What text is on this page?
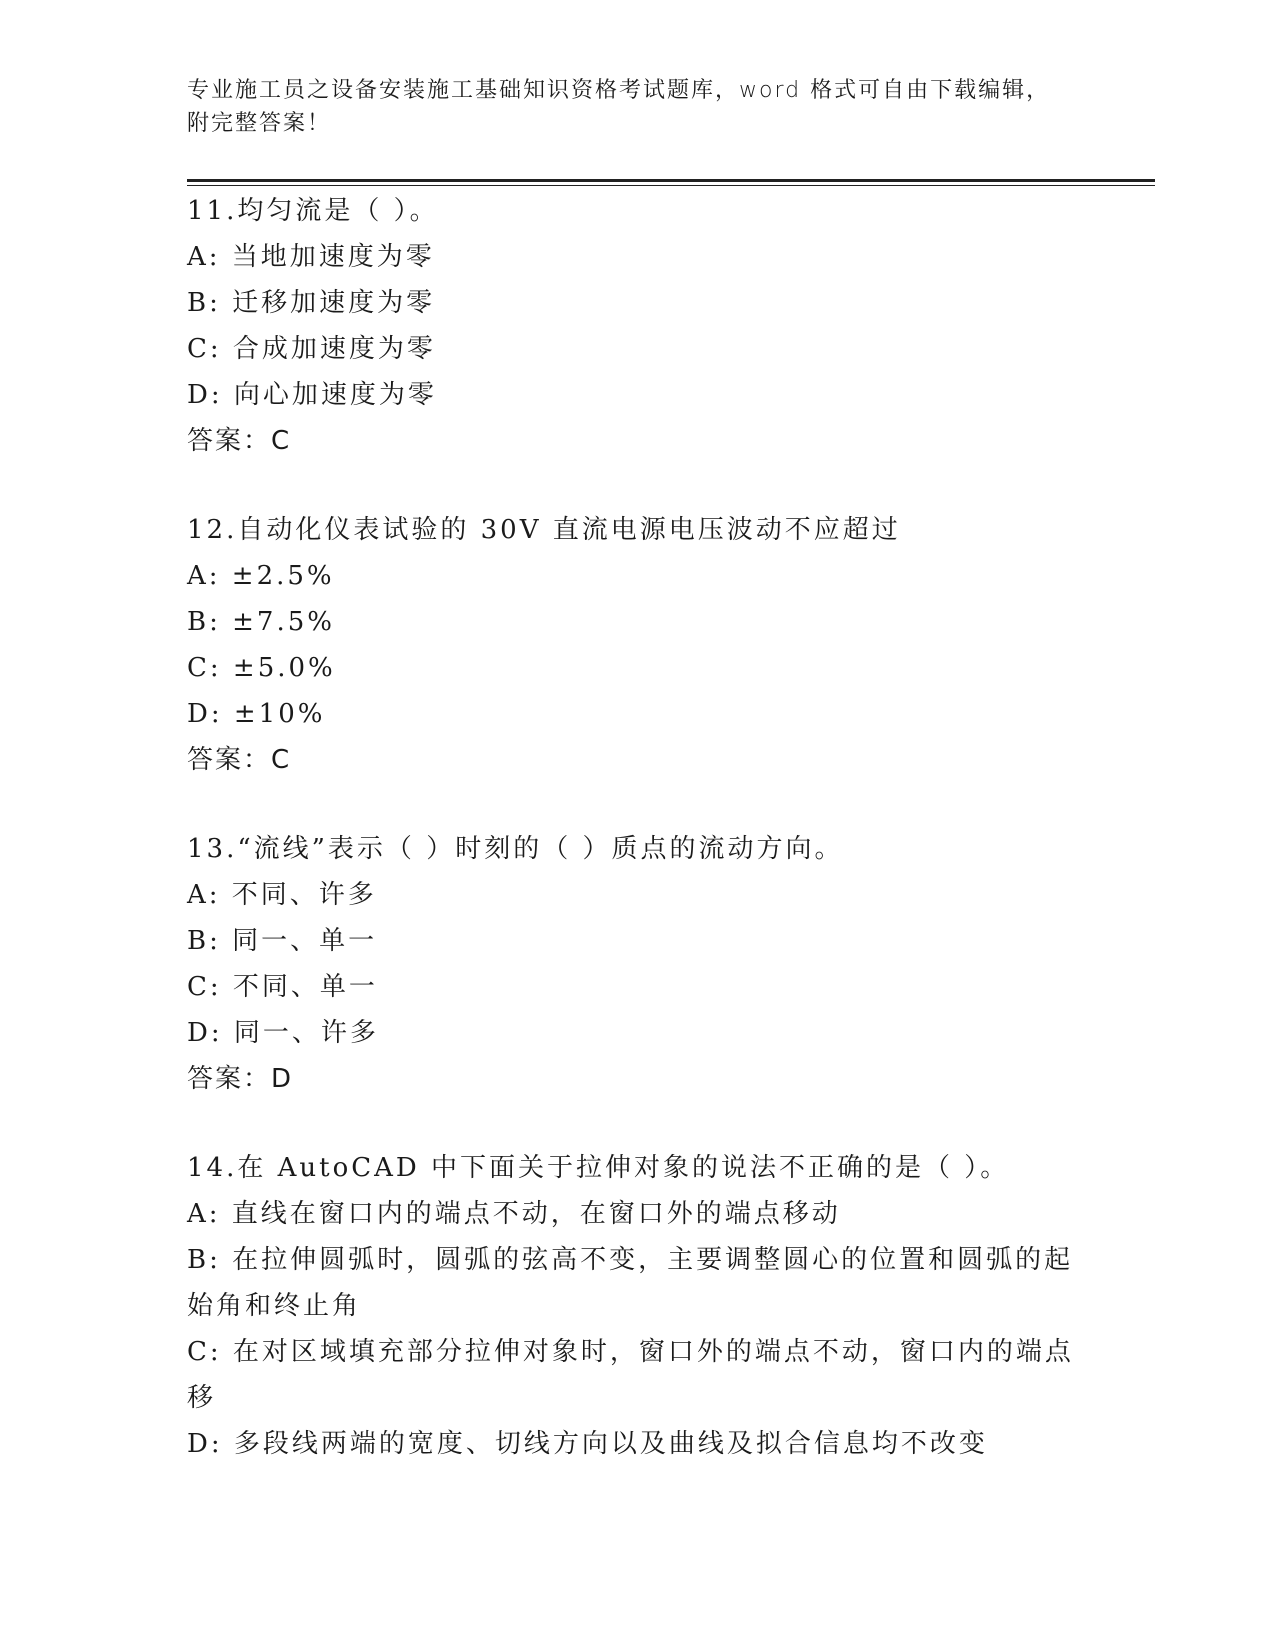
专业施工员之设备安装施工基础知识资格考试题库，word 格式可自由下载编辑，
附完整答案！
11.均匀流是（ ）。
A: 当地加速度为零
B: 迁移加速度为零
C: 合成加速度为零
D: 向心加速度为零
答案：C
12.自动化仪表试验的 30V 直流电源电压波动不应超过
A: ±2.5%
B: ±7.5%
C: ±5.0%
D: ±10%
答案：C
13.“流线”表示（ ）时刻的（ ）质点的流动方向。
A: 不同、许多
B: 同一、单一
C: 不同、单一
D: 同一、许多
答案：D
14.在 AutoCAD 中下面关于拉伸对象的说法不正确的是（ ）。
A: 直线在窗口内的端点不动，在窗口外的端点移动
B: 在拉伸圆弧时，圆弧的弦高不变，主要调整圆心的位置和圆弧的起始角和终止角
C: 在对区域填充部分拉伸对象时，窗口外的端点不动，窗口内的端点移
D: 多段线两端的宽度、切线方向以及曲线及拟合信息均不改变
